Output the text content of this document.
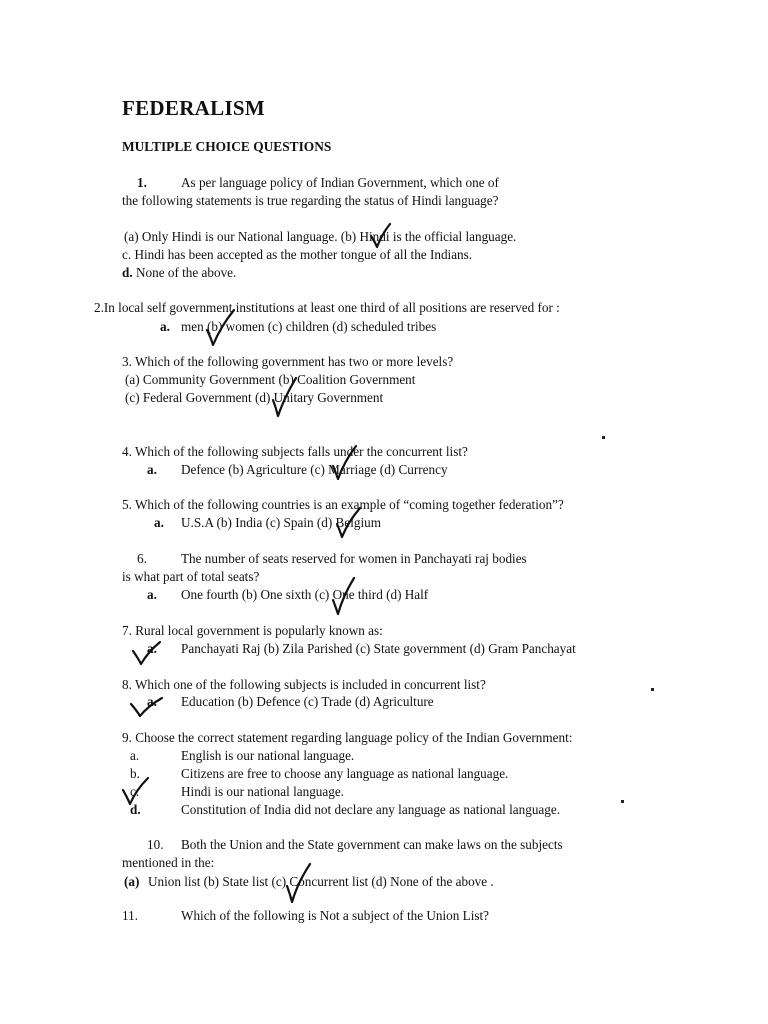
FEDERALISM
MULTIPLE CHOICE QUESTIONS
1.	As per language policy of Indian Government, which one of
the following statements is true regarding the status of Hindi language?
(a) Only Hindi is our National language. (b) Hindi is the official language.
c. Hindi has been accepted as the mother tongue of all the Indians.
d. None of the above.
2.In local self government institutions at least one third of all positions are reserved for :
a. men (b) women (c) children (d) scheduled tribes
3. Which of the following government has two or more levels?
(a) Community Government (b) Coalition Government
(c) Federal Government (d) Unitary Government
4. Which of the following subjects falls under the concurrent list?
a. Defence (b) Agriculture (c) Marriage (d) Currency
5. Which of the following countries is an example of “coming together federation”?
a. U.S.A (b) India (c) Spain (d) Belgium
6.	The number of seats reserved for women in Panchayati raj bodies
is what part of total seats?
a. One fourth (b) One sixth (c) One third (d) Half
7. Rural local government is popularly known as:
a. Panchayati Raj (b) Zila Parished (c) State government (d) Gram Panchayat
8. Which one of the following subjects is included in concurrent list?
a. Education (b) Defence (c) Trade (d) Agriculture
9. Choose the correct statement regarding language policy of the Indian Government:
a.	English is our national language.
b.	Citizens are free to choose any language as national language.
c.	Hindi is our national language.
d.	Constitution of India did not declare any language as national language.
10. Both the Union and the State government can make laws on the subjects
mentioned in the:
(a) Union list (b) State list (c) Concurrent list (d) None of the above .
11.	Which of the following is Not a subject of the Union List?
